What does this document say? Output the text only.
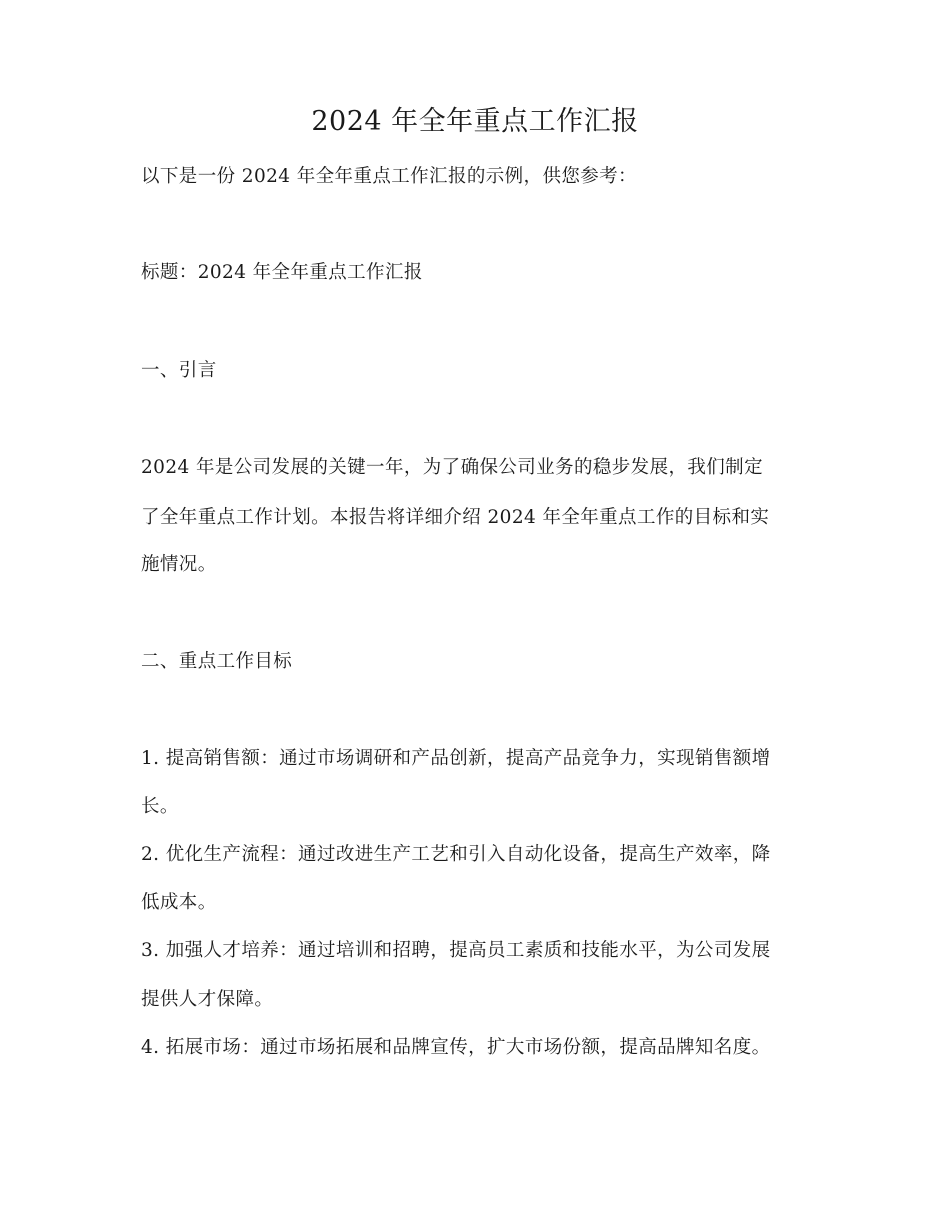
2024 年全年重点工作汇报
以下是一份 2024 年全年重点工作汇报的示例，供您参考：
标题：2024 年全年重点工作汇报
一、引言
2024 年是公司发展的关键一年，为了确保公司业务的稳步发展，我们制定
了全年重点工作计划。本报告将详细介绍 2024 年全年重点工作的目标和实
施情况。
二、重点工作目标
1. 提高销售额：通过市场调研和产品创新，提高产品竞争力，实现销售额增
长。
2. 优化生产流程：通过改进生产工艺和引入自动化设备，提高生产效率，降
低成本。
3. 加强人才培养：通过培训和招聘，提高员工素质和技能水平，为公司发展
提供人才保障。
4. 拓展市场：通过市场拓展和品牌宣传，扩大市场份额，提高品牌知名度。
